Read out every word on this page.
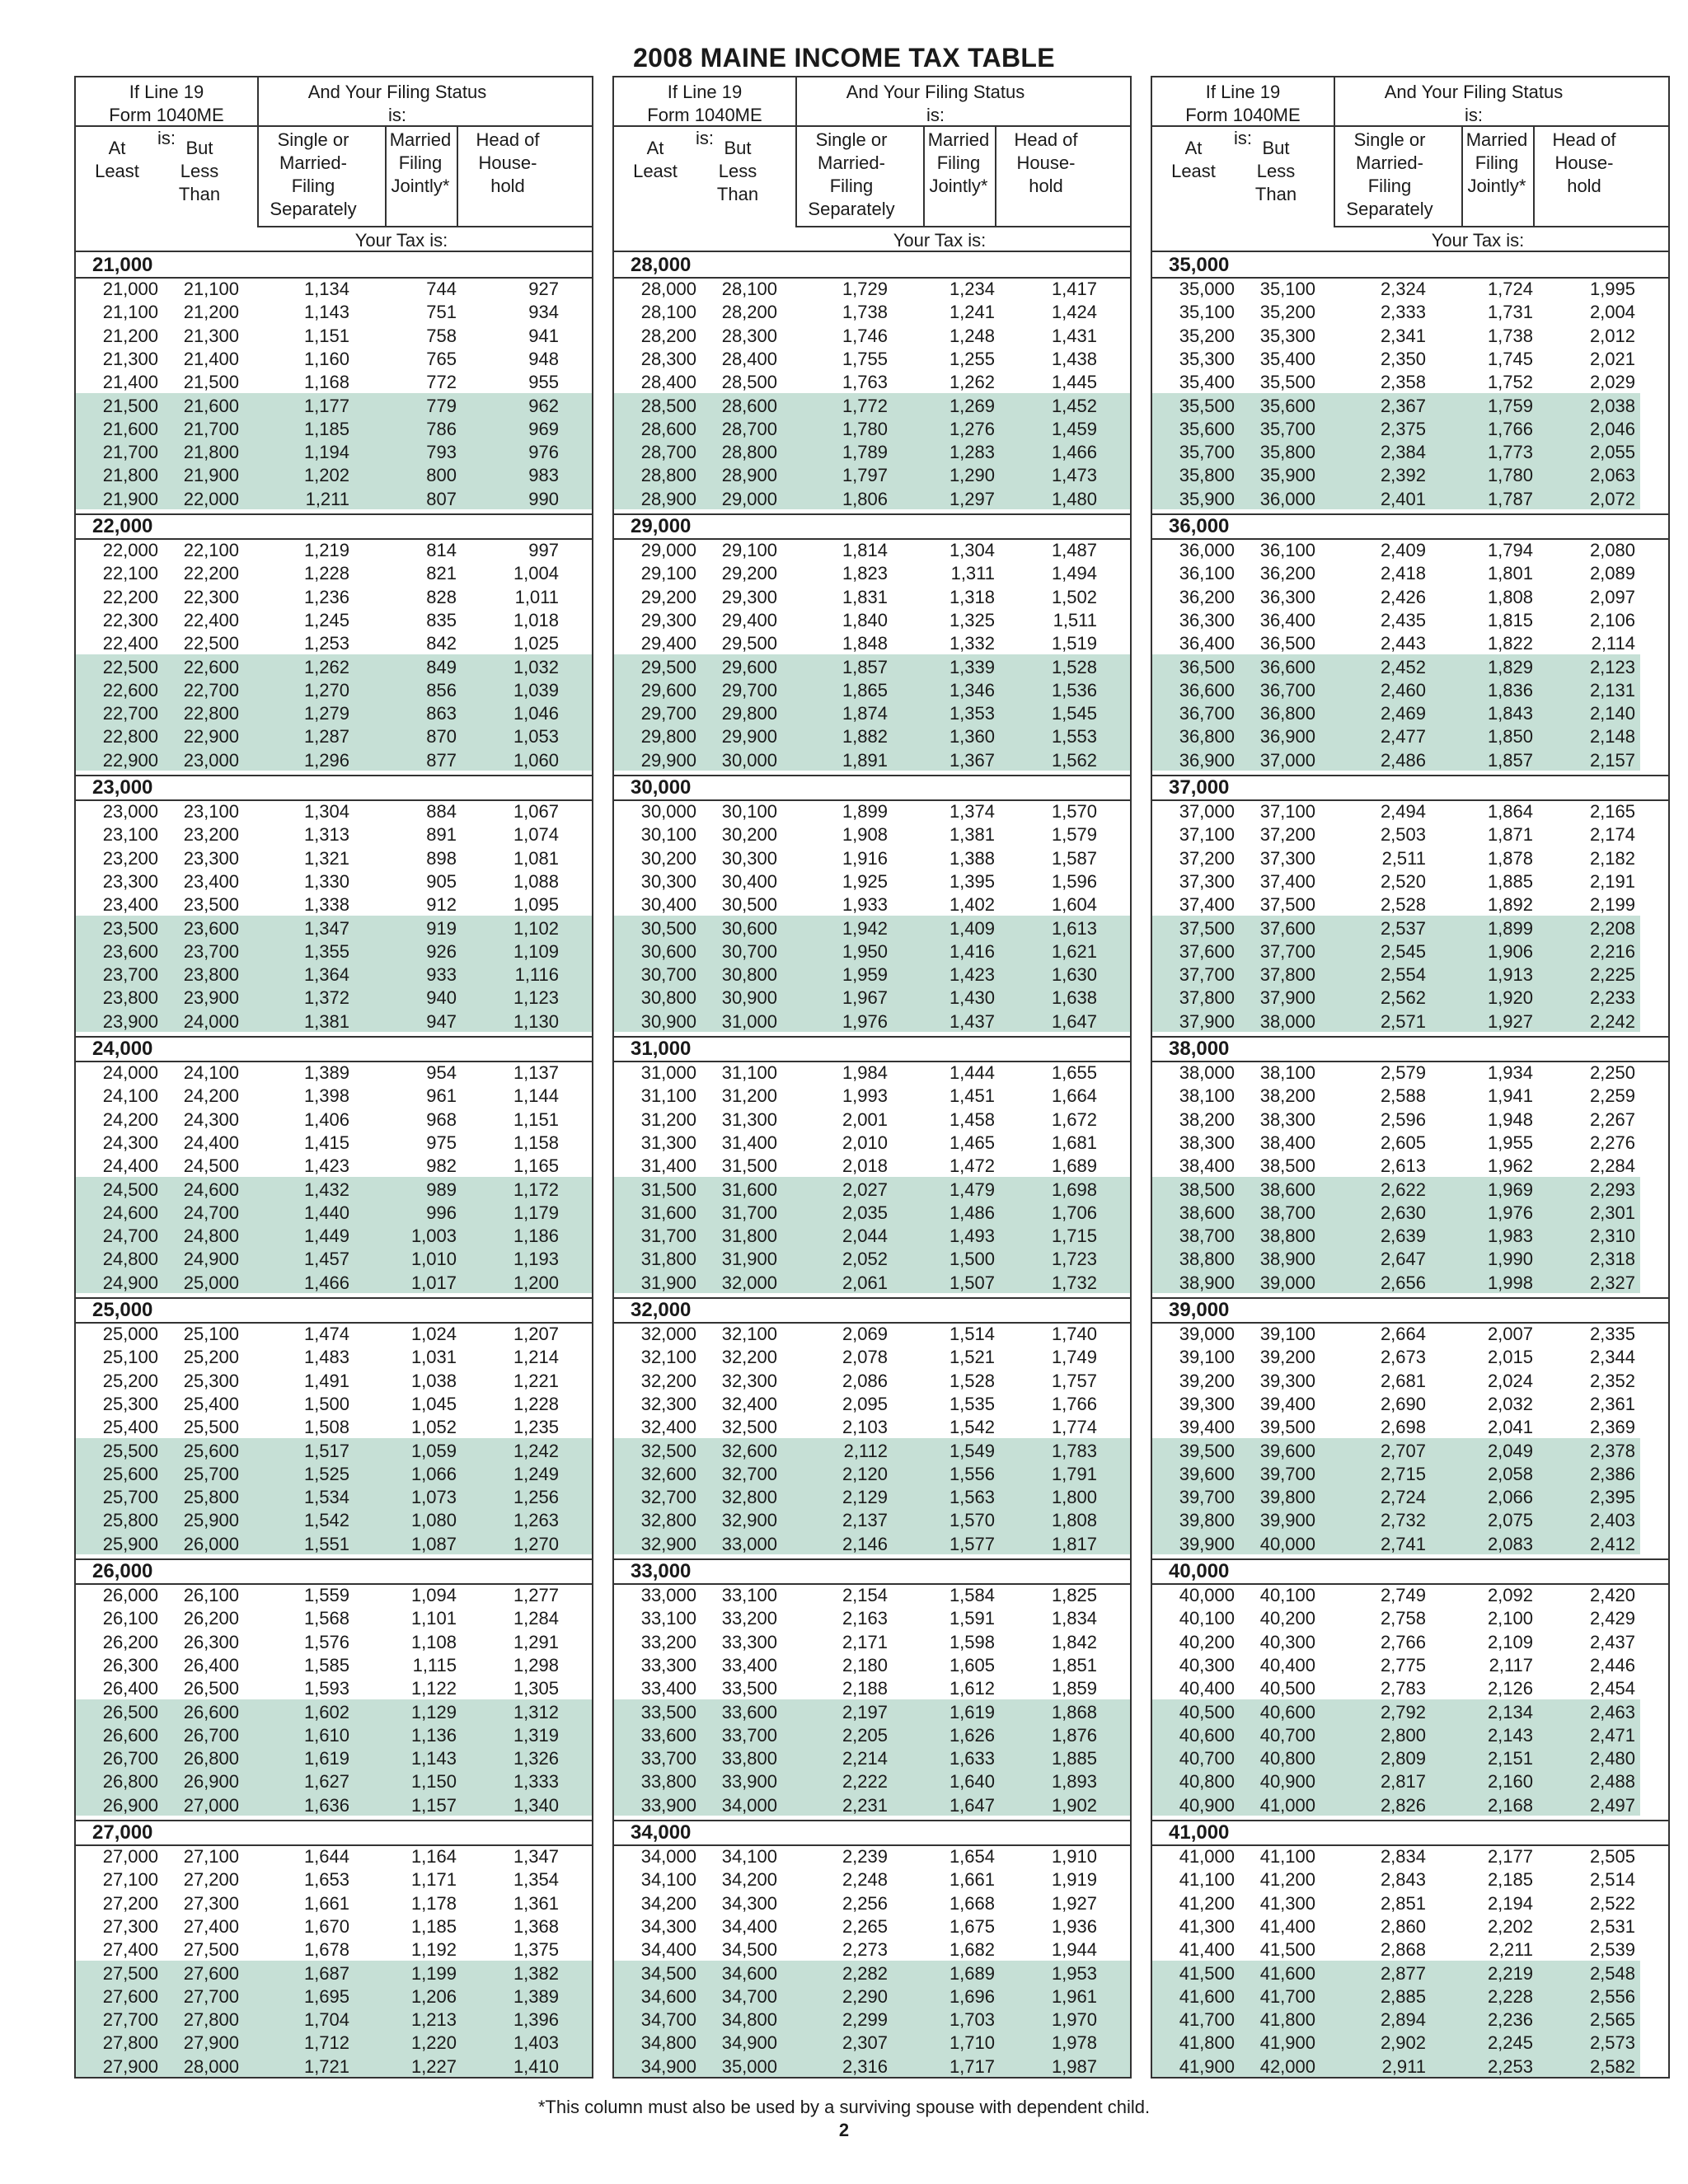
2008 MAINE INCOME TAX TABLE
If Line 19 Form 1040ME is:
And Your Filing Status is:
At Least
But Less Than
Single or Married-Filing Separately
Married Filing Jointly*
Head of House-hold
Your Tax is:
21,000
21,000	21,100	1,134	744	927
21,100	21,200	1,143	751	934
21,200	21,300	1,151	758	941
21,300	21,400	1,160	765	948
21,400	21,500	1,168	772	955
21,500	21,600	1,177	779	962
21,600	21,700	1,185	786	969
21,700	21,800	1,194	793	976
21,800	21,900	1,202	800	983
21,900	22,000	1,211	807	990
22,000
22,000	22,100	1,219	814	997
22,100	22,200	1,228	821	1,004
22,200	22,300	1,236	828	1,011
22,300	22,400	1,245	835	1,018
22,400	22,500	1,253	842	1,025
22,500	22,600	1,262	849	1,032
22,600	22,700	1,270	856	1,039
22,700	22,800	1,279	863	1,046
22,800	22,900	1,287	870	1,053
22,900	23,000	1,296	877	1,060
23,000
23,000	23,100	1,304	884	1,067
23,100	23,200	1,313	891	1,074
23,200	23,300	1,321	898	1,081
23,300	23,400	1,330	905	1,088
23,400	23,500	1,338	912	1,095
23,500	23,600	1,347	919	1,102
23,600	23,700	1,355	926	1,109
23,700	23,800	1,364	933	1,116
23,800	23,900	1,372	940	1,123
23,900	24,000	1,381	947	1,130
24,000
24,000	24,100	1,389	954	1,137
24,100	24,200	1,398	961	1,144
24,200	24,300	1,406	968	1,151
24,300	24,400	1,415	975	1,158
24,400	24,500	1,423	982	1,165
24,500	24,600	1,432	989	1,172
24,600	24,700	1,440	996	1,179
24,700	24,800	1,449	1,003	1,186
24,800	24,900	1,457	1,010	1,193
24,900	25,000	1,466	1,017	1,200
25,000
25,000	25,100	1,474	1,024	1,207
25,100	25,200	1,483	1,031	1,214
25,200	25,300	1,491	1,038	1,221
25,300	25,400	1,500	1,045	1,228
25,400	25,500	1,508	1,052	1,235
25,500	25,600	1,517	1,059	1,242
25,600	25,700	1,525	1,066	1,249
25,700	25,800	1,534	1,073	1,256
25,800	25,900	1,542	1,080	1,263
25,900	26,000	1,551	1,087	1,270
26,000
26,000	26,100	1,559	1,094	1,277
26,100	26,200	1,568	1,101	1,284
26,200	26,300	1,576	1,108	1,291
26,300	26,400	1,585	1,115	1,298
26,400	26,500	1,593	1,122	1,305
26,500	26,600	1,602	1,129	1,312
26,600	26,700	1,610	1,136	1,319
26,700	26,800	1,619	1,143	1,326
26,800	26,900	1,627	1,150	1,333
26,900	27,000	1,636	1,157	1,340
27,000
27,000	27,100	1,644	1,164	1,347
27,100	27,200	1,653	1,171	1,354
27,200	27,300	1,661	1,178	1,361
27,300	27,400	1,670	1,185	1,368
27,400	27,500	1,678	1,192	1,375
27,500	27,600	1,687	1,199	1,382
27,600	27,700	1,695	1,206	1,389
27,700	27,800	1,704	1,213	1,396
27,800	27,900	1,712	1,220	1,403
27,900	28,000	1,721	1,227	1,410
If Line 19 Form 1040ME is:
And Your Filing Status is:
At Least
But Less Than
Single or Married-Filing Separately
Married Filing Jointly*
Head of House-hold
Your Tax is:
28,000
28,000	28,100	1,729	1,234	1,417
28,100	28,200	1,738	1,241	1,424
28,200	28,300	1,746	1,248	1,431
28,300	28,400	1,755	1,255	1,438
28,400	28,500	1,763	1,262	1,445
28,500	28,600	1,772	1,269	1,452
28,600	28,700	1,780	1,276	1,459
28,700	28,800	1,789	1,283	1,466
28,800	28,900	1,797	1,290	1,473
28,900	29,000	1,806	1,297	1,480
29,000
29,000	29,100	1,814	1,304	1,487
29,100	29,200	1,823	1,311	1,494
29,200	29,300	1,831	1,318	1,502
29,300	29,400	1,840	1,325	1,511
29,400	29,500	1,848	1,332	1,519
29,500	29,600	1,857	1,339	1,528
29,600	29,700	1,865	1,346	1,536
29,700	29,800	1,874	1,353	1,545
29,800	29,900	1,882	1,360	1,553
29,900	30,000	1,891	1,367	1,562
30,000
30,000	30,100	1,899	1,374	1,570
30,100	30,200	1,908	1,381	1,579
30,200	30,300	1,916	1,388	1,587
30,300	30,400	1,925	1,395	1,596
30,400	30,500	1,933	1,402	1,604
30,500	30,600	1,942	1,409	1,613
30,600	30,700	1,950	1,416	1,621
30,700	30,800	1,959	1,423	1,630
30,800	30,900	1,967	1,430	1,638
30,900	31,000	1,976	1,437	1,647
31,000
31,000	31,100	1,984	1,444	1,655
31,100	31,200	1,993	1,451	1,664
31,200	31,300	2,001	1,458	1,672
31,300	31,400	2,010	1,465	1,681
31,400	31,500	2,018	1,472	1,689
31,500	31,600	2,027	1,479	1,698
31,600	31,700	2,035	1,486	1,706
31,700	31,800	2,044	1,493	1,715
31,800	31,900	2,052	1,500	1,723
31,900	32,000	2,061	1,507	1,732
32,000
32,000	32,100	2,069	1,514	1,740
32,100	32,200	2,078	1,521	1,749
32,200	32,300	2,086	1,528	1,757
32,300	32,400	2,095	1,535	1,766
32,400	32,500	2,103	1,542	1,774
32,500	32,600	2,112	1,549	1,783
32,600	32,700	2,120	1,556	1,791
32,700	32,800	2,129	1,563	1,800
32,800	32,900	2,137	1,570	1,808
32,900	33,000	2,146	1,577	1,817
33,000
33,000	33,100	2,154	1,584	1,825
33,100	33,200	2,163	1,591	1,834
33,200	33,300	2,171	1,598	1,842
33,300	33,400	2,180	1,605	1,851
33,400	33,500	2,188	1,612	1,859
33,500	33,600	2,197	1,619	1,868
33,600	33,700	2,205	1,626	1,876
33,700	33,800	2,214	1,633	1,885
33,800	33,900	2,222	1,640	1,893
33,900	34,000	2,231	1,647	1,902
34,000
34,000	34,100	2,239	1,654	1,910
34,100	34,200	2,248	1,661	1,919
34,200	34,300	2,256	1,668	1,927
34,300	34,400	2,265	1,675	1,936
34,400	34,500	2,273	1,682	1,944
34,500	34,600	2,282	1,689	1,953
34,600	34,700	2,290	1,696	1,961
34,700	34,800	2,299	1,703	1,970
34,800	34,900	2,307	1,710	1,978
34,900	35,000	2,316	1,717	1,987
If Line 19 Form 1040ME is:
And Your Filing Status is:
At Least
But Less Than
Single or Married-Filing Separately
Married Filing Jointly*
Head of House-hold
Your Tax is:
35,000
35,000	35,100	2,324	1,724	1,995
35,100	35,200	2,333	1,731	2,004
35,200	35,300	2,341	1,738	2,012
35,300	35,400	2,350	1,745	2,021
35,400	35,500	2,358	1,752	2,029
35,500	35,600	2,367	1,759	2,038
35,600	35,700	2,375	1,766	2,046
35,700	35,800	2,384	1,773	2,055
35,800	35,900	2,392	1,780	2,063
35,900	36,000	2,401	1,787	2,072
36,000
36,000	36,100	2,409	1,794	2,080
36,100	36,200	2,418	1,801	2,089
36,200	36,300	2,426	1,808	2,097
36,300	36,400	2,435	1,815	2,106
36,400	36,500	2,443	1,822	2,114
36,500	36,600	2,452	1,829	2,123
36,600	36,700	2,460	1,836	2,131
36,700	36,800	2,469	1,843	2,140
36,800	36,900	2,477	1,850	2,148
36,900	37,000	2,486	1,857	2,157
37,000
37,000	37,100	2,494	1,864	2,165
37,100	37,200	2,503	1,871	2,174
37,200	37,300	2,511	1,878	2,182
37,300	37,400	2,520	1,885	2,191
37,400	37,500	2,528	1,892	2,199
37,500	37,600	2,537	1,899	2,208
37,600	37,700	2,545	1,906	2,216
37,700	37,800	2,554	1,913	2,225
37,800	37,900	2,562	1,920	2,233
37,900	38,000	2,571	1,927	2,242
38,000
38,000	38,100	2,579	1,934	2,250
38,100	38,200	2,588	1,941	2,259
38,200	38,300	2,596	1,948	2,267
38,300	38,400	2,605	1,955	2,276
38,400	38,500	2,613	1,962	2,284
38,500	38,600	2,622	1,969	2,293
38,600	38,700	2,630	1,976	2,301
38,700	38,800	2,639	1,983	2,310
38,800	38,900	2,647	1,990	2,318
38,900	39,000	2,656	1,998	2,327
39,000
39,000	39,100	2,664	2,007	2,335
39,100	39,200	2,673	2,015	2,344
39,200	39,300	2,681	2,024	2,352
39,300	39,400	2,690	2,032	2,361
39,400	39,500	2,698	2,041	2,369
39,500	39,600	2,707	2,049	2,378
39,600	39,700	2,715	2,058	2,386
39,700	39,800	2,724	2,066	2,395
39,800	39,900	2,732	2,075	2,403
39,900	40,000	2,741	2,083	2,412
40,000
40,000	40,100	2,749	2,092	2,420
40,100	40,200	2,758	2,100	2,429
40,200	40,300	2,766	2,109	2,437
40,300	40,400	2,775	2,117	2,446
40,400	40,500	2,783	2,126	2,454
40,500	40,600	2,792	2,134	2,463
40,600	40,700	2,800	2,143	2,471
40,700	40,800	2,809	2,151	2,480
40,800	40,900	2,817	2,160	2,488
40,900	41,000	2,826	2,168	2,497
41,000
41,000	41,100	2,834	2,177	2,505
41,100	41,200	2,843	2,185	2,514
41,200	41,300	2,851	2,194	2,522
41,300	41,400	2,860	2,202	2,531
41,400	41,500	2,868	2,211	2,539
41,500	41,600	2,877	2,219	2,548
41,600	41,700	2,885	2,228	2,556
41,700	41,800	2,894	2,236	2,565
41,800	41,900	2,902	2,245	2,573
41,900	42,000	2,911	2,253	2,582
*This column must also be used by a surviving spouse with dependent child.
2
